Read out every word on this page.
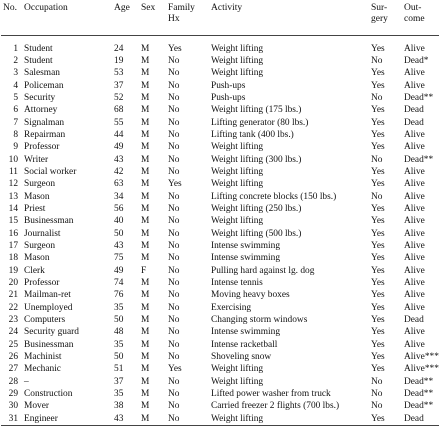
No.	Occupation	Age	Sex	Family Hx	Activity	Sur- gery	Out- come

1	Student	24	M	Yes	Weight lifting	Yes	Alive
2	Student	19	M	No	Weight lifting	No	Dead*
3	Salesman	53	M	No	Weight lifting	Yes	Alive
4	Policeman	37	M	No	Push-ups	Yes	Alive
5	Security	52	M	No	Push-ups	No	Dead**
6	Attorney	68	M	No	Weight lifting (175 lbs.)	Yes	Dead
7	Signalman	55	M	No	Lifting generator (80 lbs.)	Yes	Dead
8	Repairman	44	M	No	Lifting tank (400 lbs.)	Yes	Alive
9	Professor	49	M	No	Weight lifting	Yes	Alive
10	Writer	43	M	No	Weight lifting (300 lbs.)	No	Dead**
11	Social worker	42	M	No	Weight lifting	Yes	Alive
12	Surgeon	63	M	Yes	Weight lifting	Yes	Alive
13	Mason	34	M	No	Lifting concrete blocks (150 lbs.)	No	Alive
14	Priest	56	M	No	Weight lifting (250 lbs.)	Yes	Alive
15	Businessman	40	M	No	Weight lifting	Yes	Alive
16	Journalist	50	M	No	Weight lifting (500 lbs.)	Yes	Alive
17	Surgeon	43	M	No	Intense swimming	Yes	Alive
18	Mason	75	M	No	Intense swimming	Yes	Alive
19	Clerk	49	F	No	Pulling hard against lg. dog	Yes	Alive
20	Professor	74	M	No	Intense tennis	Yes	Alive
21	Mailman-ret	76	M	No	Moving heavy boxes	Yes	Alive
22	Unemployed	35	M	No	Exercising	Yes	Alive
23	Computers	50	M	No	Changing storm windows	Yes	Dead
24	Security guard	48	M	No	Intense swimming	Yes	Alive
25	Businessman	35	M	No	Intense racketball	Yes	Alive
26	Machinist	50	M	No	Shoveling snow	Yes	Alive***
27	Mechanic	51	M	Yes	Weight lifting	Yes	Alive***
28	–	37	M	No	Weight lifting	No	Dead**
29	Construction	35	M	No	Lifted power washer from truck	No	Dead**
30	Mover	38	M	No	Carried freezer 2 flights (700 lbs.)	No	Dead**
31	Engineer	43	M	No	Weight lifting	Yes	Dead
